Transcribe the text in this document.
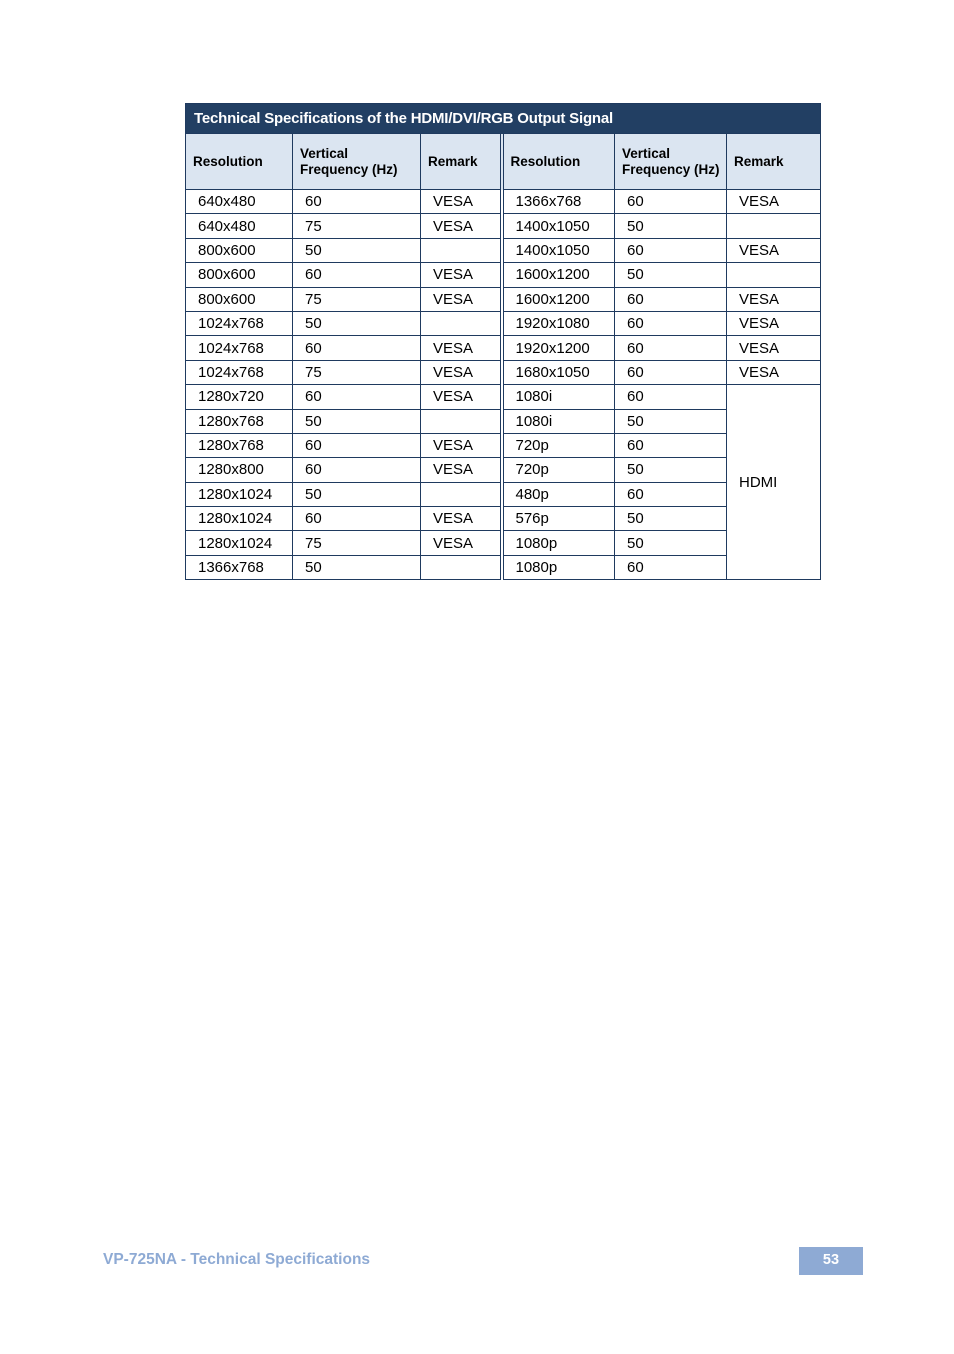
Technical Specifications of the HDMI/DVI/RGB Output Signal					
Resolution	Vertical Frequency (Hz)	Remark	Resolution	Vertical Frequency (Hz)	Remark
640x480	60	VESA	1366x768	60	VESA
640x480	75	VESA	1400x1050	50	
800x600	50		1400x1050	60	VESA
800x600	60	VESA	1600x1200	50	
800x600	75	VESA	1600x1200	60	VESA
1024x768	50		1920x1080	60	VESA
1024x768	60	VESA	1920x1200	60	VESA
1024x768	75	VESA	1680x1050	60	VESA
1280x720	60	VESA	1080i	60	HDMI
1280x768	50		1080i	50	
1280x768	60	VESA	720p	60	
1280x800	60	VESA	720p	50	
1280x1024	50		480p	60	
1280x1024	60	VESA	576p	50	
1280x1024	75	VESA	1080p	50	
1366x768	50		1080p	60	
VP-725NA - Technical Specifications	53
